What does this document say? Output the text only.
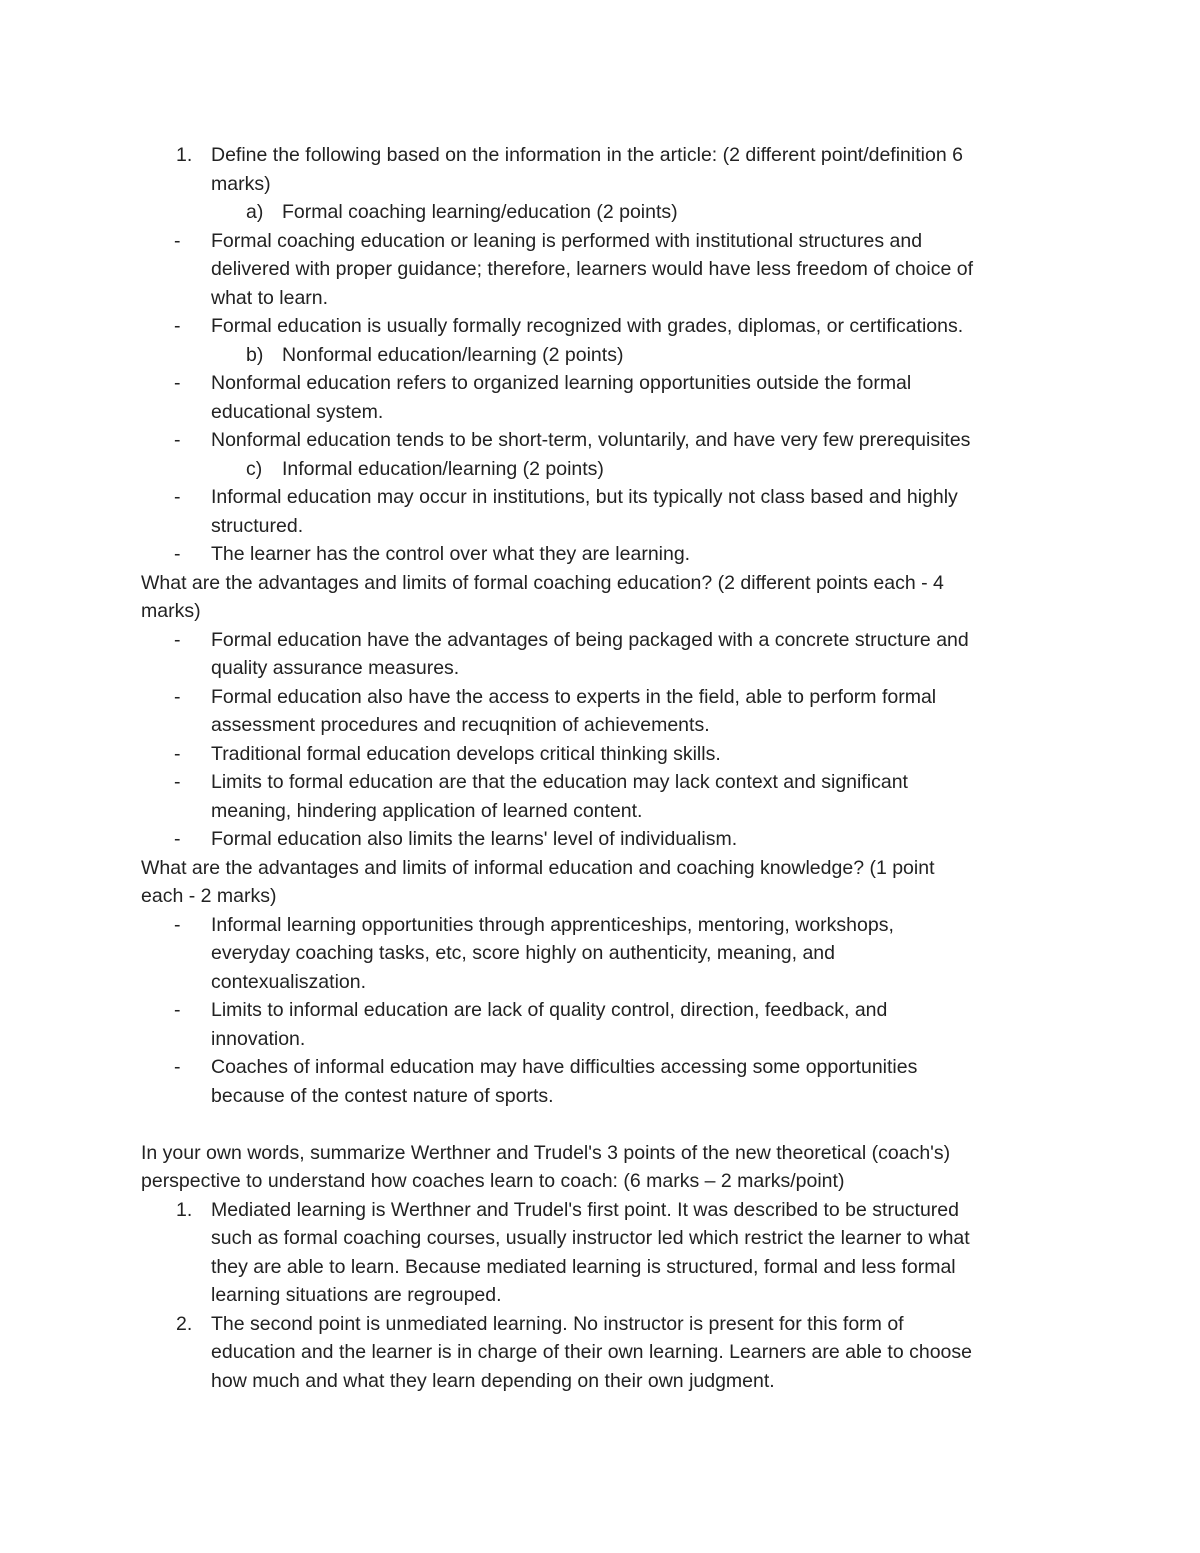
1. Define the following based on the information in the article: (2 different point/definition 6
marks)
a) Formal coaching learning/education (2 points)
- Formal coaching education or leaning is performed with institutional structures and
delivered with proper guidance; therefore, learners would have less freedom of choice of
what to learn.
- Formal education is usually formally recognized with grades, diplomas, or certifications.
b) Nonformal education/learning (2 points)
- Nonformal education refers to organized learning opportunities outside the formal
educational system.
- Nonformal education tends to be short-term, voluntarily, and have very few prerequisites
c) Informal education/learning (2 points)
- Informal education may occur in institutions, but its typically not class based and highly
structured.
- The learner has the control over what they are learning.
What are the advantages and limits of formal coaching education? (2 different points each - 4
marks)
- Formal education have the advantages of being packaged with a concrete structure and
quality assurance measures.
- Formal education also have the access to experts in the field, able to perform formal
assessment procedures and recuqnition of achievements.
- Traditional formal education develops critical thinking skills.
- Limits to formal education are that the education may lack context and significant
meaning, hindering application of learned content.
- Formal education also limits the learns' level of individualism.
What are the advantages and limits of informal education and coaching knowledge? (1 point
each - 2 marks)
- Informal learning opportunities through apprenticeships, mentoring, workshops,
everyday coaching tasks, etc, score highly on authenticity, meaning, and
contexualiszation.
- Limits to informal education are lack of quality control, direction, feedback, and
innovation.
- Coaches of informal education may have difficulties accessing some opportunities
because of the contest nature of sports.
In your own words, summarize Werthner and Trudel's 3 points of the new theoretical (coach's)
perspective to understand how coaches learn to coach: (6 marks – 2 marks/point)
1. Mediated learning is Werthner and Trudel's first point. It was described to be structured
such as formal coaching courses, usually instructor led which restrict the learner to what
they are able to learn. Because mediated learning is structured, formal and less formal
learning situations are regrouped.
2. The second point is unmediated learning. No instructor is present for this form of
education and the learner is in charge of their own learning. Learners are able to choose
how much and what they learn depending on their own judgment.
